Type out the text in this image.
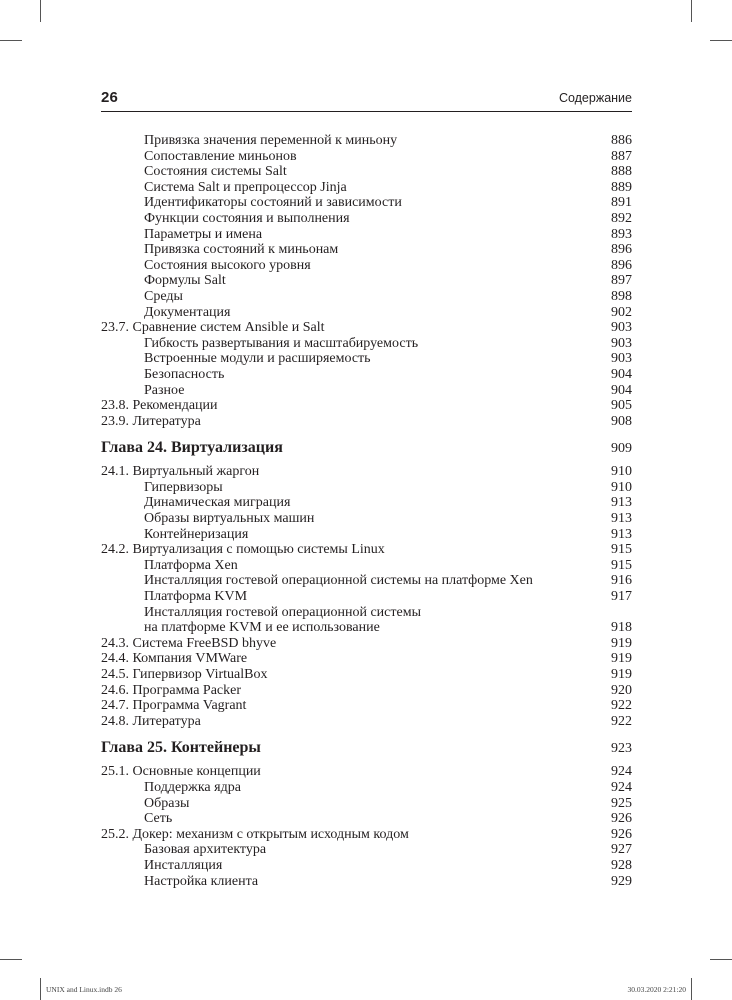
26	Содержание
Привязка значения переменной к миньону	886
Сопоставление миньонов	887
Состояния системы Salt	888
Система Salt и препроцессор Jinja	889
Идентификаторы состояний и зависимости	891
Функции состояния и выполнения	892
Параметры и имена	893
Привязка состояний к миньонам	896
Состояния высокого уровня	896
Формулы Salt	897
Среды	898
Документация	902
23.7. Сравнение систем Ansible и Salt	903
Гибкость развертывания и масштабируемость	903
Встроенные модули и расширяемость	903
Безопасность	904
Разное	904
23.8. Рекомендации	905
23.9. Литература	908
Глава 24. Виртуализация	909
24.1. Виртуальный жаргон	910
Гипервизоры	910
Динамическая миграция	913
Образы виртуальных машин	913
Контейнеризация	913
24.2. Виртуализация с помощью системы Linux	915
Платформа Xen	915
Инсталляция гостевой операционной системы на платформе Xen	916
Платформа KVM	917
Инсталляция гостевой операционной системы
на платформе KVM и ее использование	918
24.3. Система FreeBSD bhyve	919
24.4. Компания VMWare	919
24.5. Гипервизор VirtualBox	919
24.6. Программа Packer	920
24.7. Программа Vagrant	922
24.8. Литература	922
Глава 25. Контейнеры	923
25.1. Основные концепции	924
Поддержка ядра	924
Образы	925
Сеть	926
25.2. Докер: механизм с открытым исходным кодом	926
Базовая архитектура	927
Инсталляция	928
Настройка клиента	929
UNIX and Linux.indb 26	30.03.2020 2:21:20
